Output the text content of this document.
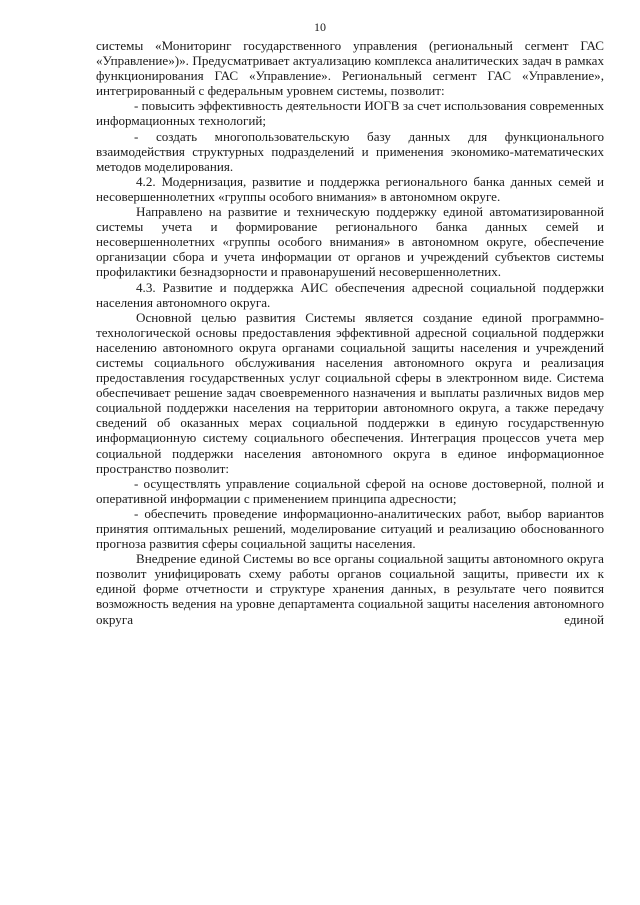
10

системы «Мониторинг государственного управления (региональный сегмент ГАС «Управление»)». Предусматривает актуализацию комплекса аналитических задач в рамках функционирования ГАС «Управление». Региональный сегмент ГАС «Управление», интегрированный с федеральным уровнем системы, позволит:

- повысить эффективность деятельности ИОГВ за счет использования современных информационных технологий;

- создать многопользовательскую базу данных для функционального взаимодействия структурных подразделений и применения экономико-математических методов моделирования.

4.2. Модернизация, развитие и поддержка регионального банка данных семей и несовершеннолетних «группы особого внимания» в автономном округе.

Направлено на развитие и техническую поддержку единой автоматизированной системы учета и формирование регионального банка данных семей и несовершеннолетних «группы особого внимания» в автономном округе, обеспечение организации сбора и учета информации от органов и учреждений субъектов системы профилактики безнадзорности и правонарушений несовершеннолетних.

4.3. Развитие и поддержка АИС обеспечения адресной социальной поддержки населения автономного округа.

Основной целью развития Системы является создание единой программно-технологической основы предоставления эффективной адресной социальной поддержки населению автономного округа органами социальной защиты населения и учреждений системы социального обслуживания населения автономного округа и реализация предоставления государственных услуг социальной сферы в электронном виде. Система обеспечивает решение задач своевременного назначения и выплаты различных видов мер социальной поддержки населения на территории автономного округа, а также передачу сведений об оказанных мерах социальной поддержки в единую государственную информационную систему социального обеспечения. Интеграция процессов учета мер социальной поддержки населения автономного округа в единое информационное пространство позволит:

- осуществлять управление социальной сферой на основе достоверной, полной и оперативной информации с применением принципа адресности;

- обеспечить проведение информационно-аналитических работ, выбор вариантов принятия оптимальных решений, моделирование ситуаций и реализацию обоснованного прогноза развития сферы социальной защиты населения.

Внедрение единой Системы во все органы социальной защиты автономного округа позволит унифицировать схему работы органов социальной защиты, привести их к единой форме отчетности и структуре хранения данных, в результате чего появится возможность ведения на уровне департамента социальной защиты населения автономного округа единой
